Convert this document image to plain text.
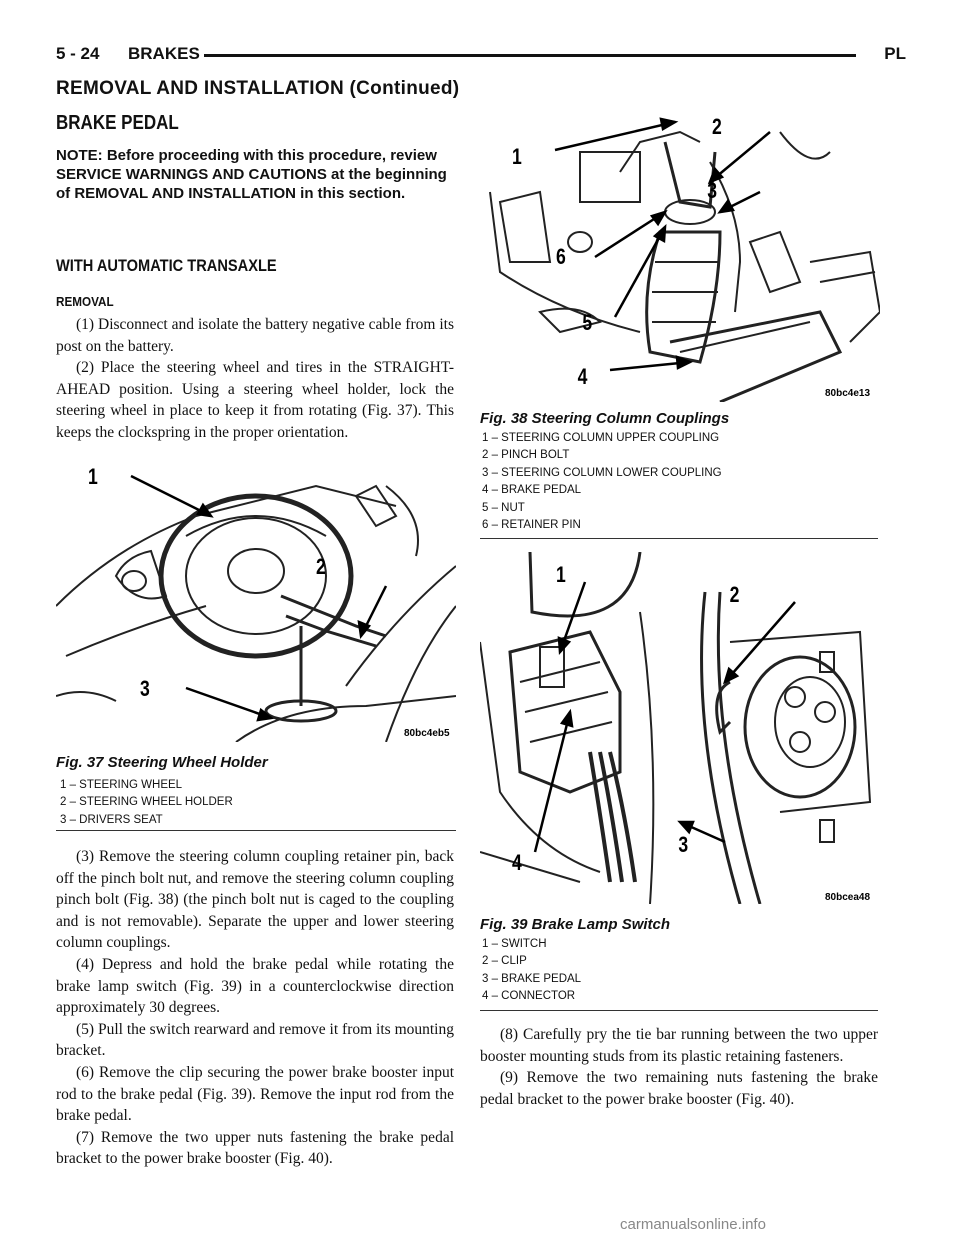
5 - 24 BRAKES	PL
REMOVAL AND INSTALLATION (Continued)
BRAKE PEDAL

NOTE: Before proceeding with this procedure, review SERVICE WARNINGS AND CAUTIONS at the beginning of REMOVAL AND INSTALLATION in this section.

WITH AUTOMATIC TRANSAXLE
REMOVAL

(1) Disconnect and isolate the battery negative cable from its post on the battery.

(2) Place the steering wheel and tires in the STRAIGHT-AHEAD position. Using a steering wheel holder, lock the steering wheel in place to keep it from rotating (Fig. 37). This keeps the clockspring in the proper orientation.

1
2
3
80bc4eb5
Fig. 37 Steering Wheel Holder
1 – STEERING WHEEL
2 – STEERING WHEEL HOLDER
3 – DRIVERS SEAT

(3) Remove the steering column coupling retainer pin, back off the pinch bolt nut, and remove the steering column coupling pinch bolt (Fig. 38) (the pinch bolt nut is caged to the coupling and is not removable). Separate the upper and lower steering column couplings.

(4) Depress and hold the brake pedal while rotating the brake lamp switch (Fig. 39) in a counterclockwise direction approximately 30 degrees.

(5) Pull the switch rearward and remove it from its mounting bracket.

(6) Remove the clip securing the power brake booster input rod to the brake pedal (Fig. 39). Remove the input rod from the brake pedal.

(7) Remove the two upper nuts fastening the brake pedal bracket to the power brake booster (Fig. 40).

1
2
3
4
5
6
80bc4e13
Fig. 38 Steering Column Couplings
1 – STEERING COLUMN UPPER COUPLING
2 – PINCH BOLT
3 – STEERING COLUMN LOWER COUPLING
4 – BRAKE PEDAL
5 – NUT
6 – RETAINER PIN
1
2
3
4
80bcea48
Fig. 39 Brake Lamp Switch
1 – SWITCH
2 – CLIP
3 – BRAKE PEDAL
4 – CONNECTOR

(8) Carefully pry the tie bar running between the two upper booster mounting studs from its plastic retaining fasteners.

(9) Remove the two remaining nuts fastening the brake pedal bracket to the power brake booster (Fig. 40).

carmanualsonline.info
